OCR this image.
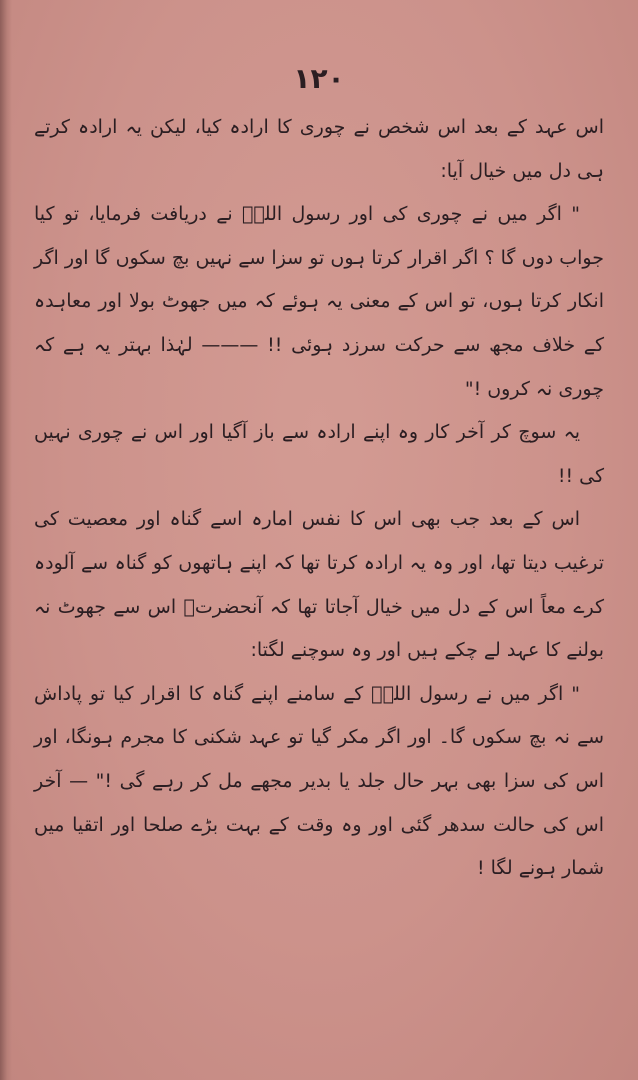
۱۲۰

اس عہد کے بعد اس شخص نے چوری کا ارادہ کیا، لیکن یہ ارادہ کرتے ہی دل میں خیال آیا:

" اگر میں نے چوری کی اور رسول اللہؐ نے دریافت فرمایا، تو کیا جواب دوں گا ؟ اگر اقرار کرتا ہوں تو سزا سے نہیں بچ سکوں گا اور اگر انکار کرتا ہوں، تو اس کے معنی یہ ہوئے کہ میں جھوٹ بولا اور معاہدہ کے خلاف مجھ سے حرکت سرزد ہوئی !! ——— لہٰذا بہتر یہ ہے کہ چوری نہ کروں !"

یہ سوچ کر آخر کار وہ اپنے ارادہ سے باز آگیا اور اس نے چوری نہیں کی !!

اس کے بعد جب بھی اس کا نفس امارہ اسے گناہ اور معصیت کی ترغیب دیتا تھا، اور وہ یہ ارادہ کرتا تھا کہ اپنے ہاتھوں کو گناہ سے آلودہ کرے معاً اس کے دل میں خیال آجاتا تھا کہ آنحضرتؐ اس سے جھوٹ نہ بولنے کا عہد لے چکے ہیں اور وہ سوچنے لگتا:

" اگر میں نے رسول اللہؐ کے سامنے اپنے گناہ کا اقرار کیا تو پاداش سے نہ بچ سکوں گا۔ اور اگر مکر گیا تو عہد شکنی کا مجرم ہونگا، اور اس کی سزا بھی بہر حال جلد یا بدیر مجھے مل کر رہے گی !" — آخر اس کی حالت سدھر گئی اور وہ وقت کے بہت بڑے صلحا اور اتقیا میں شمار ہونے لگا !
